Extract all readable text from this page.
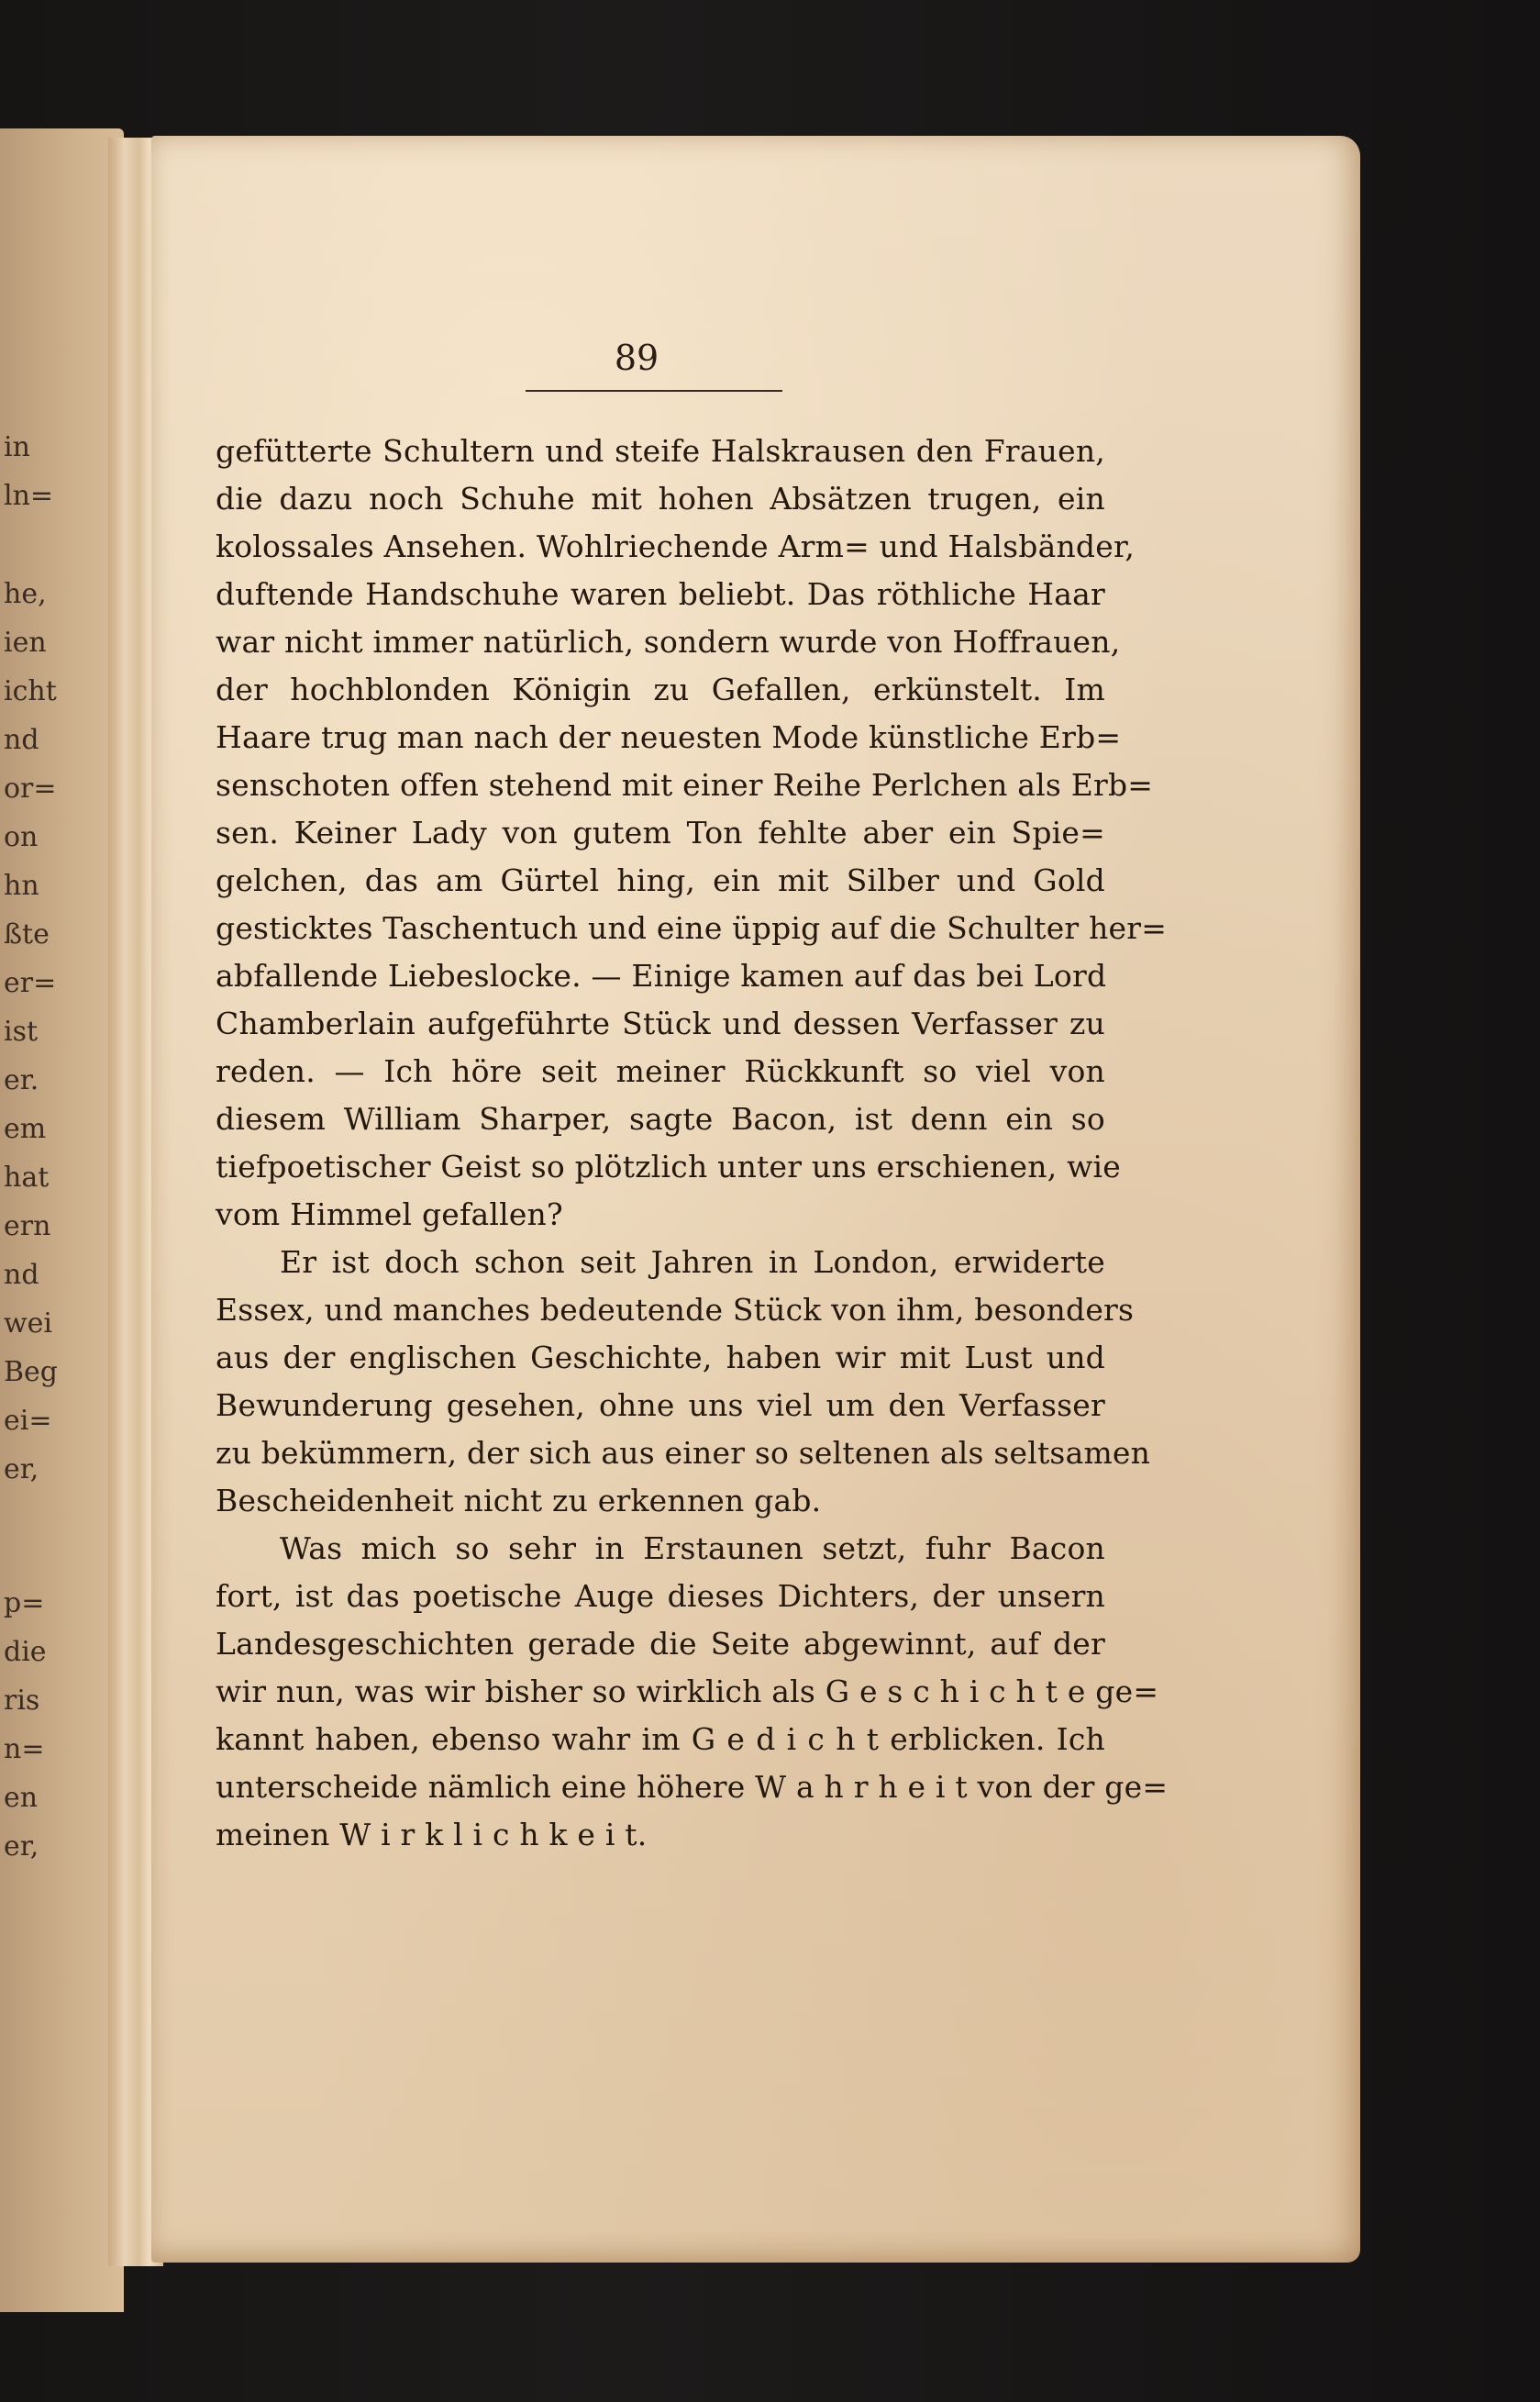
in
ln=
he,
ien
icht
nd
or=
on
hn
ßte
er=
ist
er.
em
hat
ern
nd
wei
Beg
ei=
er,
p=
die
ris
n=
en
er,
89
gefütterte Schultern und steife Halskrausen den Frauen,
die dazu noch Schuhe mit hohen Absätzen trugen, ein
kolossales Ansehen. Wohlriechende Arm= und Halsbänder,
duftende Handschuhe waren beliebt. Das röthliche Haar
war nicht immer natürlich, sondern wurde von Hoffrauen,
der hochblonden Königin zu Gefallen, erkünstelt. Im
Haare trug man nach der neuesten Mode künstliche Erb=
senschoten offen stehend mit einer Reihe Perlchen als Erb=
sen. Keiner Lady von gutem Ton fehlte aber ein Spie=
gelchen, das am Gürtel hing, ein mit Silber und Gold
gesticktes Taschentuch und eine üppig auf die Schulter her=
abfallende Liebeslocke. — Einige kamen auf das bei Lord
Chamberlain aufgeführte Stück und dessen Verfasser zu
reden. — Ich höre seit meiner Rückkunft so viel von
diesem William Sharper, sagte Bacon, ist denn ein so
tiefpoetischer Geist so plötzlich unter uns erschienen, wie
vom Himmel gefallen?
Er ist doch schon seit Jahren in London, erwiderte
Essex, und manches bedeutende Stück von ihm, besonders
aus der englischen Geschichte, haben wir mit Lust und
Bewunderung gesehen, ohne uns viel um den Verfasser
zu bekümmern, der sich aus einer so seltenen als seltsamen
Bescheidenheit nicht zu erkennen gab.
Was mich so sehr in Erstaunen setzt, fuhr Bacon
fort, ist das poetische Auge dieses Dichters, der unsern
Landesgeschichten gerade die Seite abgewinnt, auf der
wir nun, was wir bisher so wirklich als G e s c h i c h t e ge=
kannt haben, ebenso wahr im G e d i c h t erblicken. Ich
unterscheide nämlich eine höhere W a h r h e i t von der ge=
meinen W i r k l i c h k e i t.
